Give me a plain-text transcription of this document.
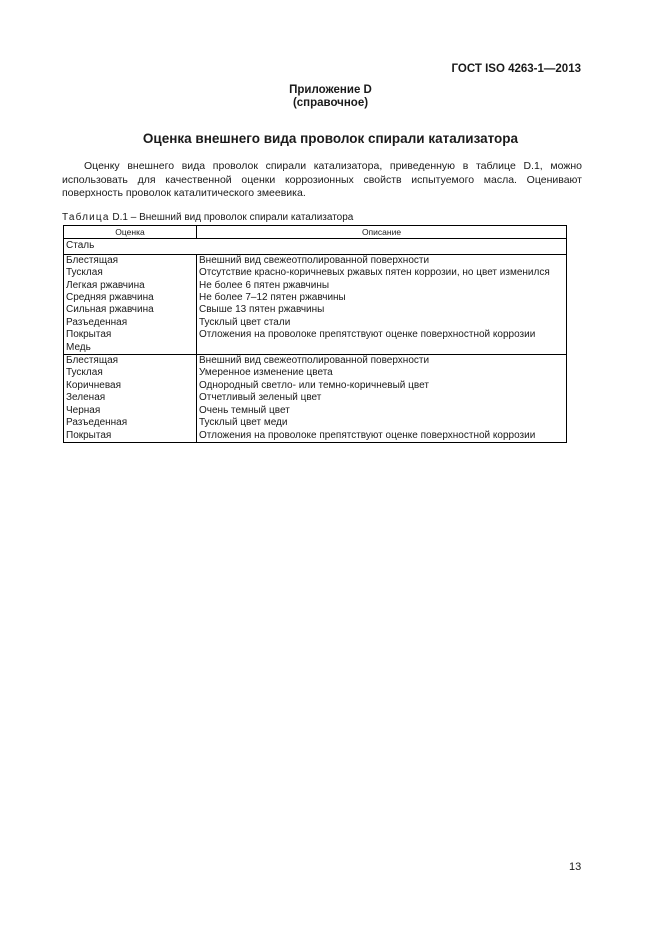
ГОСТ ISO 4263-1—2013
Приложение D
(справочное)
Оценка внешнего вида проволок спирали катализатора
Оценку внешнего вида проволок спирали катализатора, приведенную в таблице D.1, можно использовать для качественной оценки коррозионных свойств испытуемого масла. Оценивают поверхность проволок каталитического змеевика.
Таблица D.1 – Внешний вид проволок спирали катализатора
Оценка	Описание
Сталь	
Блестящая	Внешний вид свежеотполированной поверхности
Тусклая	Отсутствие красно-коричневых ржавых пятен коррозии, но цвет изменился
Легкая ржавчина	Не более 6 пятен ржавчины
Средняя ржавчина	Не более 7–12 пятен ржавчины
Сильная ржавчина	Свыше 13 пятен ржавчины
Разъеденная	Тусклый цвет стали
Покрытая	Отложения на проволоке препятствуют оценке поверхностной коррозии
Медь	
Блестящая	Внешний вид свежеотполированной поверхности
Тусклая	Умеренное изменение цвета
Коричневая	Однородный светло- или темно-коричневый цвет
Зеленая	Отчетливый зеленый цвет
Черная	Очень темный цвет
Разъеденная	Тусклый цвет меди
Покрытая	Отложения на проволоке препятствуют оценке поверхностной коррозии
13
